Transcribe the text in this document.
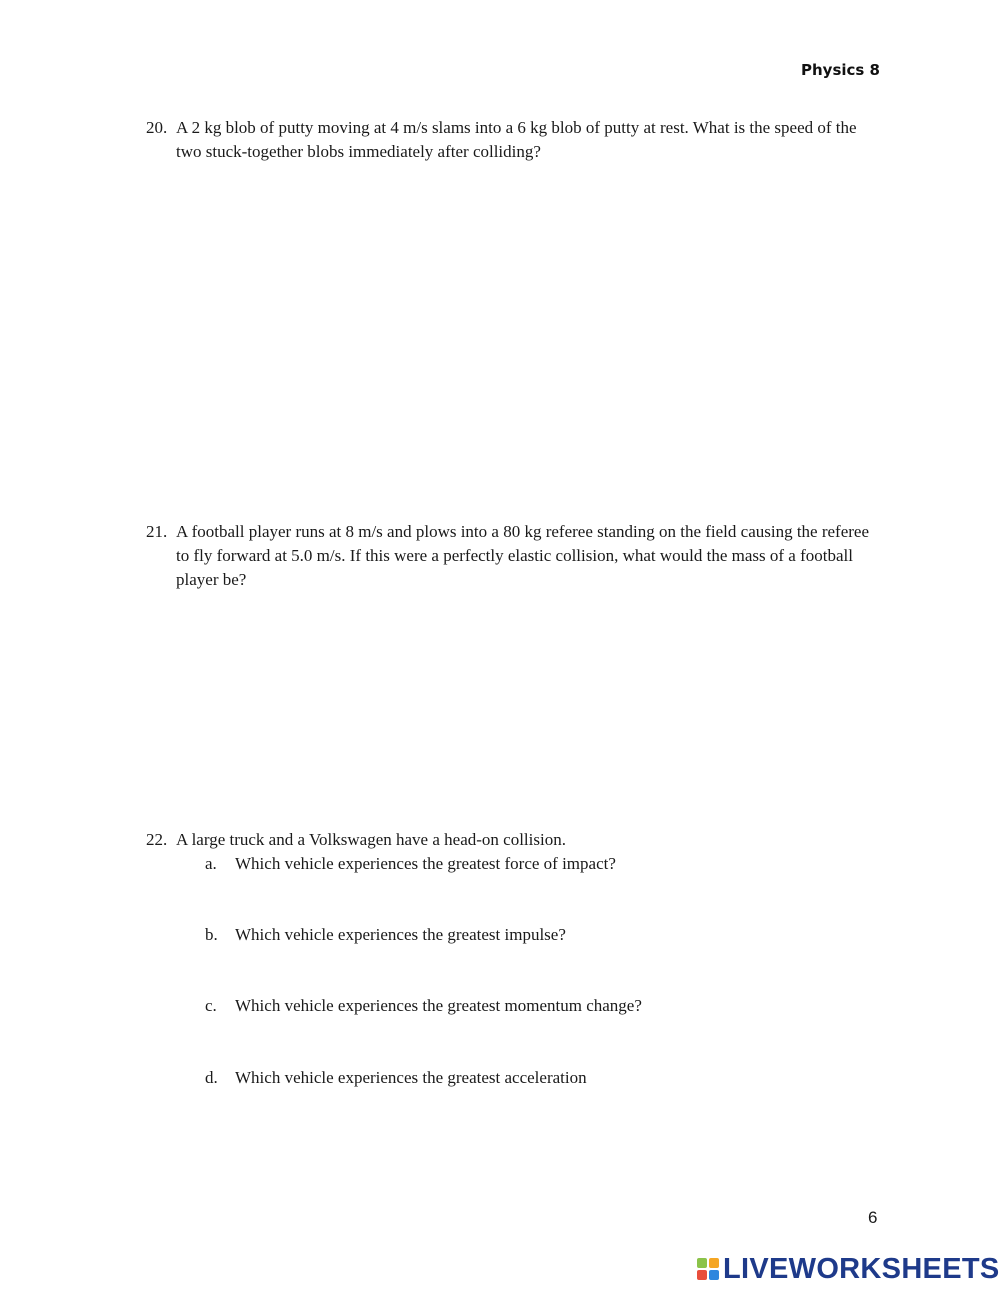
Physics 8
20. A 2 kg blob of putty moving at 4 m/s slams into a 6 kg blob of putty at rest. What is the speed of the two stuck-together blobs immediately after colliding?
21. A football player runs at 8 m/s and plows into a 80 kg referee standing on the field causing the referee to fly forward at 5.0 m/s. If this were a perfectly elastic collision, what would the mass of a football player be?
22. A large truck and a Volkswagen have a head-on collision.
a. Which vehicle experiences the greatest force of impact?
b. Which vehicle experiences the greatest impulse?
c. Which vehicle experiences the greatest momentum change?
d. Which vehicle experiences the greatest acceleration
6
LIVEWORKSHEETS
